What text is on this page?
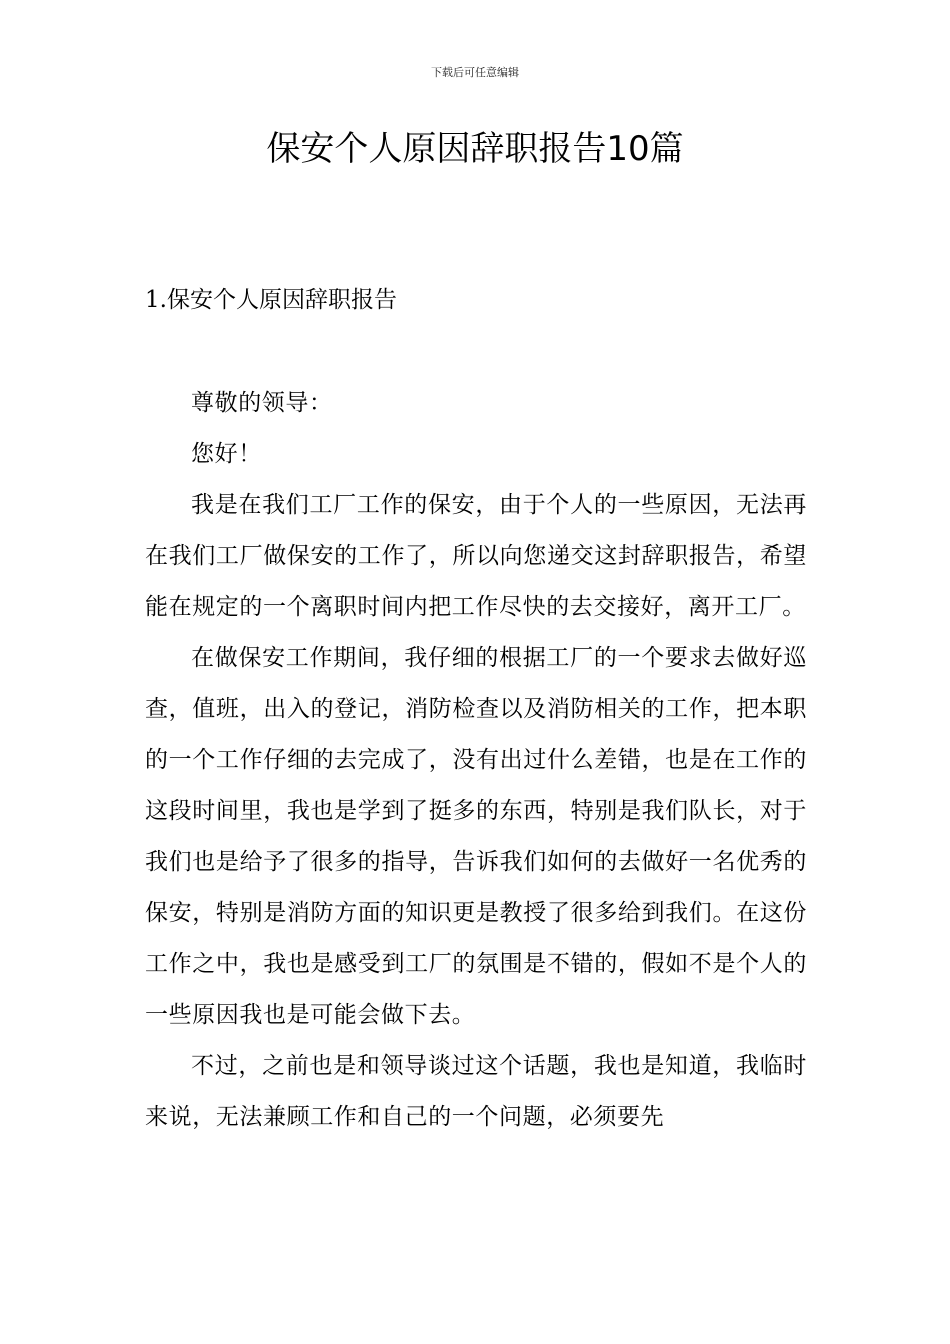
下载后可任意编辑
保安个人原因辞职报告10篇
1.保安个人原因辞职报告

尊敬的领导：

您好！

我是在我们工厂工作的保安，由于个人的一些原因，无法再在我们工厂做保安的工作了，所以向您递交这封辞职报告，希望能在规定的一个离职时间内把工作尽快的去交接好，离开工厂。

在做保安工作期间，我仔细的根据工厂的一个要求去做好巡查，值班，出入的登记，消防检查以及消防相关的工作，把本职的一个工作仔细的去完成了，没有出过什么差错，也是在工作的这段时间里，我也是学到了挺多的东西，特别是我们队长，对于我们也是给予了很多的指导，告诉我们如何的去做好一名优秀的保安，特别是消防方面的知识更是教授了很多给到我们。在这份工作之中，我也是感受到工厂的氛围是不错的，假如不是个人的一些原因我也是可能会做下去。

不过，之前也是和领导谈过这个话题，我也是知道，我临时来说，无法兼顾工作和自己的一个问题，必须要先
